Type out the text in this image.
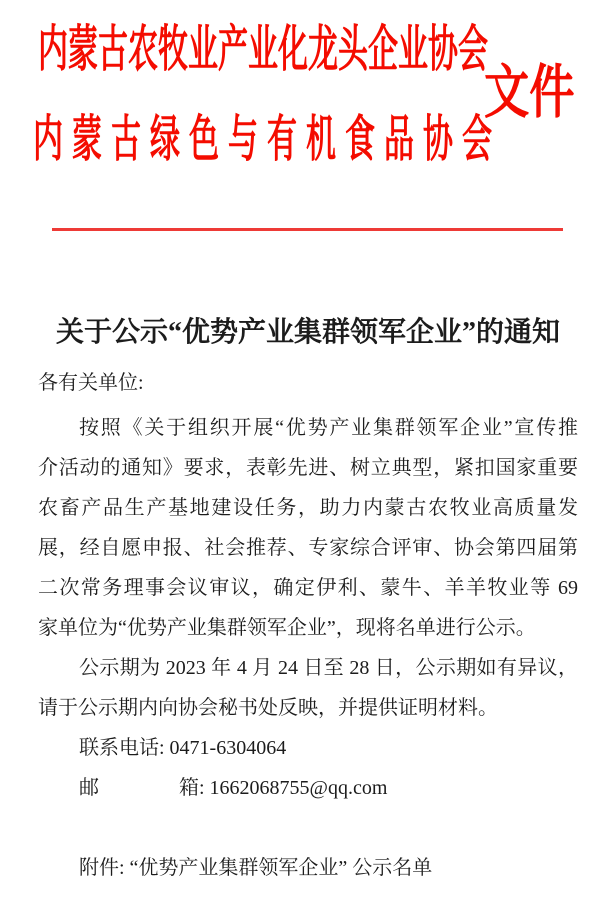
内蒙古农牧业产业化龙头企业协会
文件
内蒙古绿色与有机食品协会
关于公示“优势产业集群领军企业”的通知
各有关单位:
按照《关于组织开展“优势产业集群领军企业”宣传推
介活动的通知》要求，表彰先进、树立典型，紧扣国家重要
农畜产品生产基地建设任务，助力内蒙古农牧业高质量发
展，经自愿申报、社会推荐、专家综合评审、协会第四届第
二次常务理事会议审议，确定伊利、蒙牛、羊羊牧业等 69
家单位为“优势产业集群领军企业”，现将名单进行公示。
公示期为 2023 年 4 月 24 日至 28 日，公示期如有异议，
请于公示期内向协会秘书处反映，并提供证明材料。
联系电话: 0471-6304064
邮　　　　箱: 1662068755@qq.com
附件: “优势产业集群领军企业” 公示名单
